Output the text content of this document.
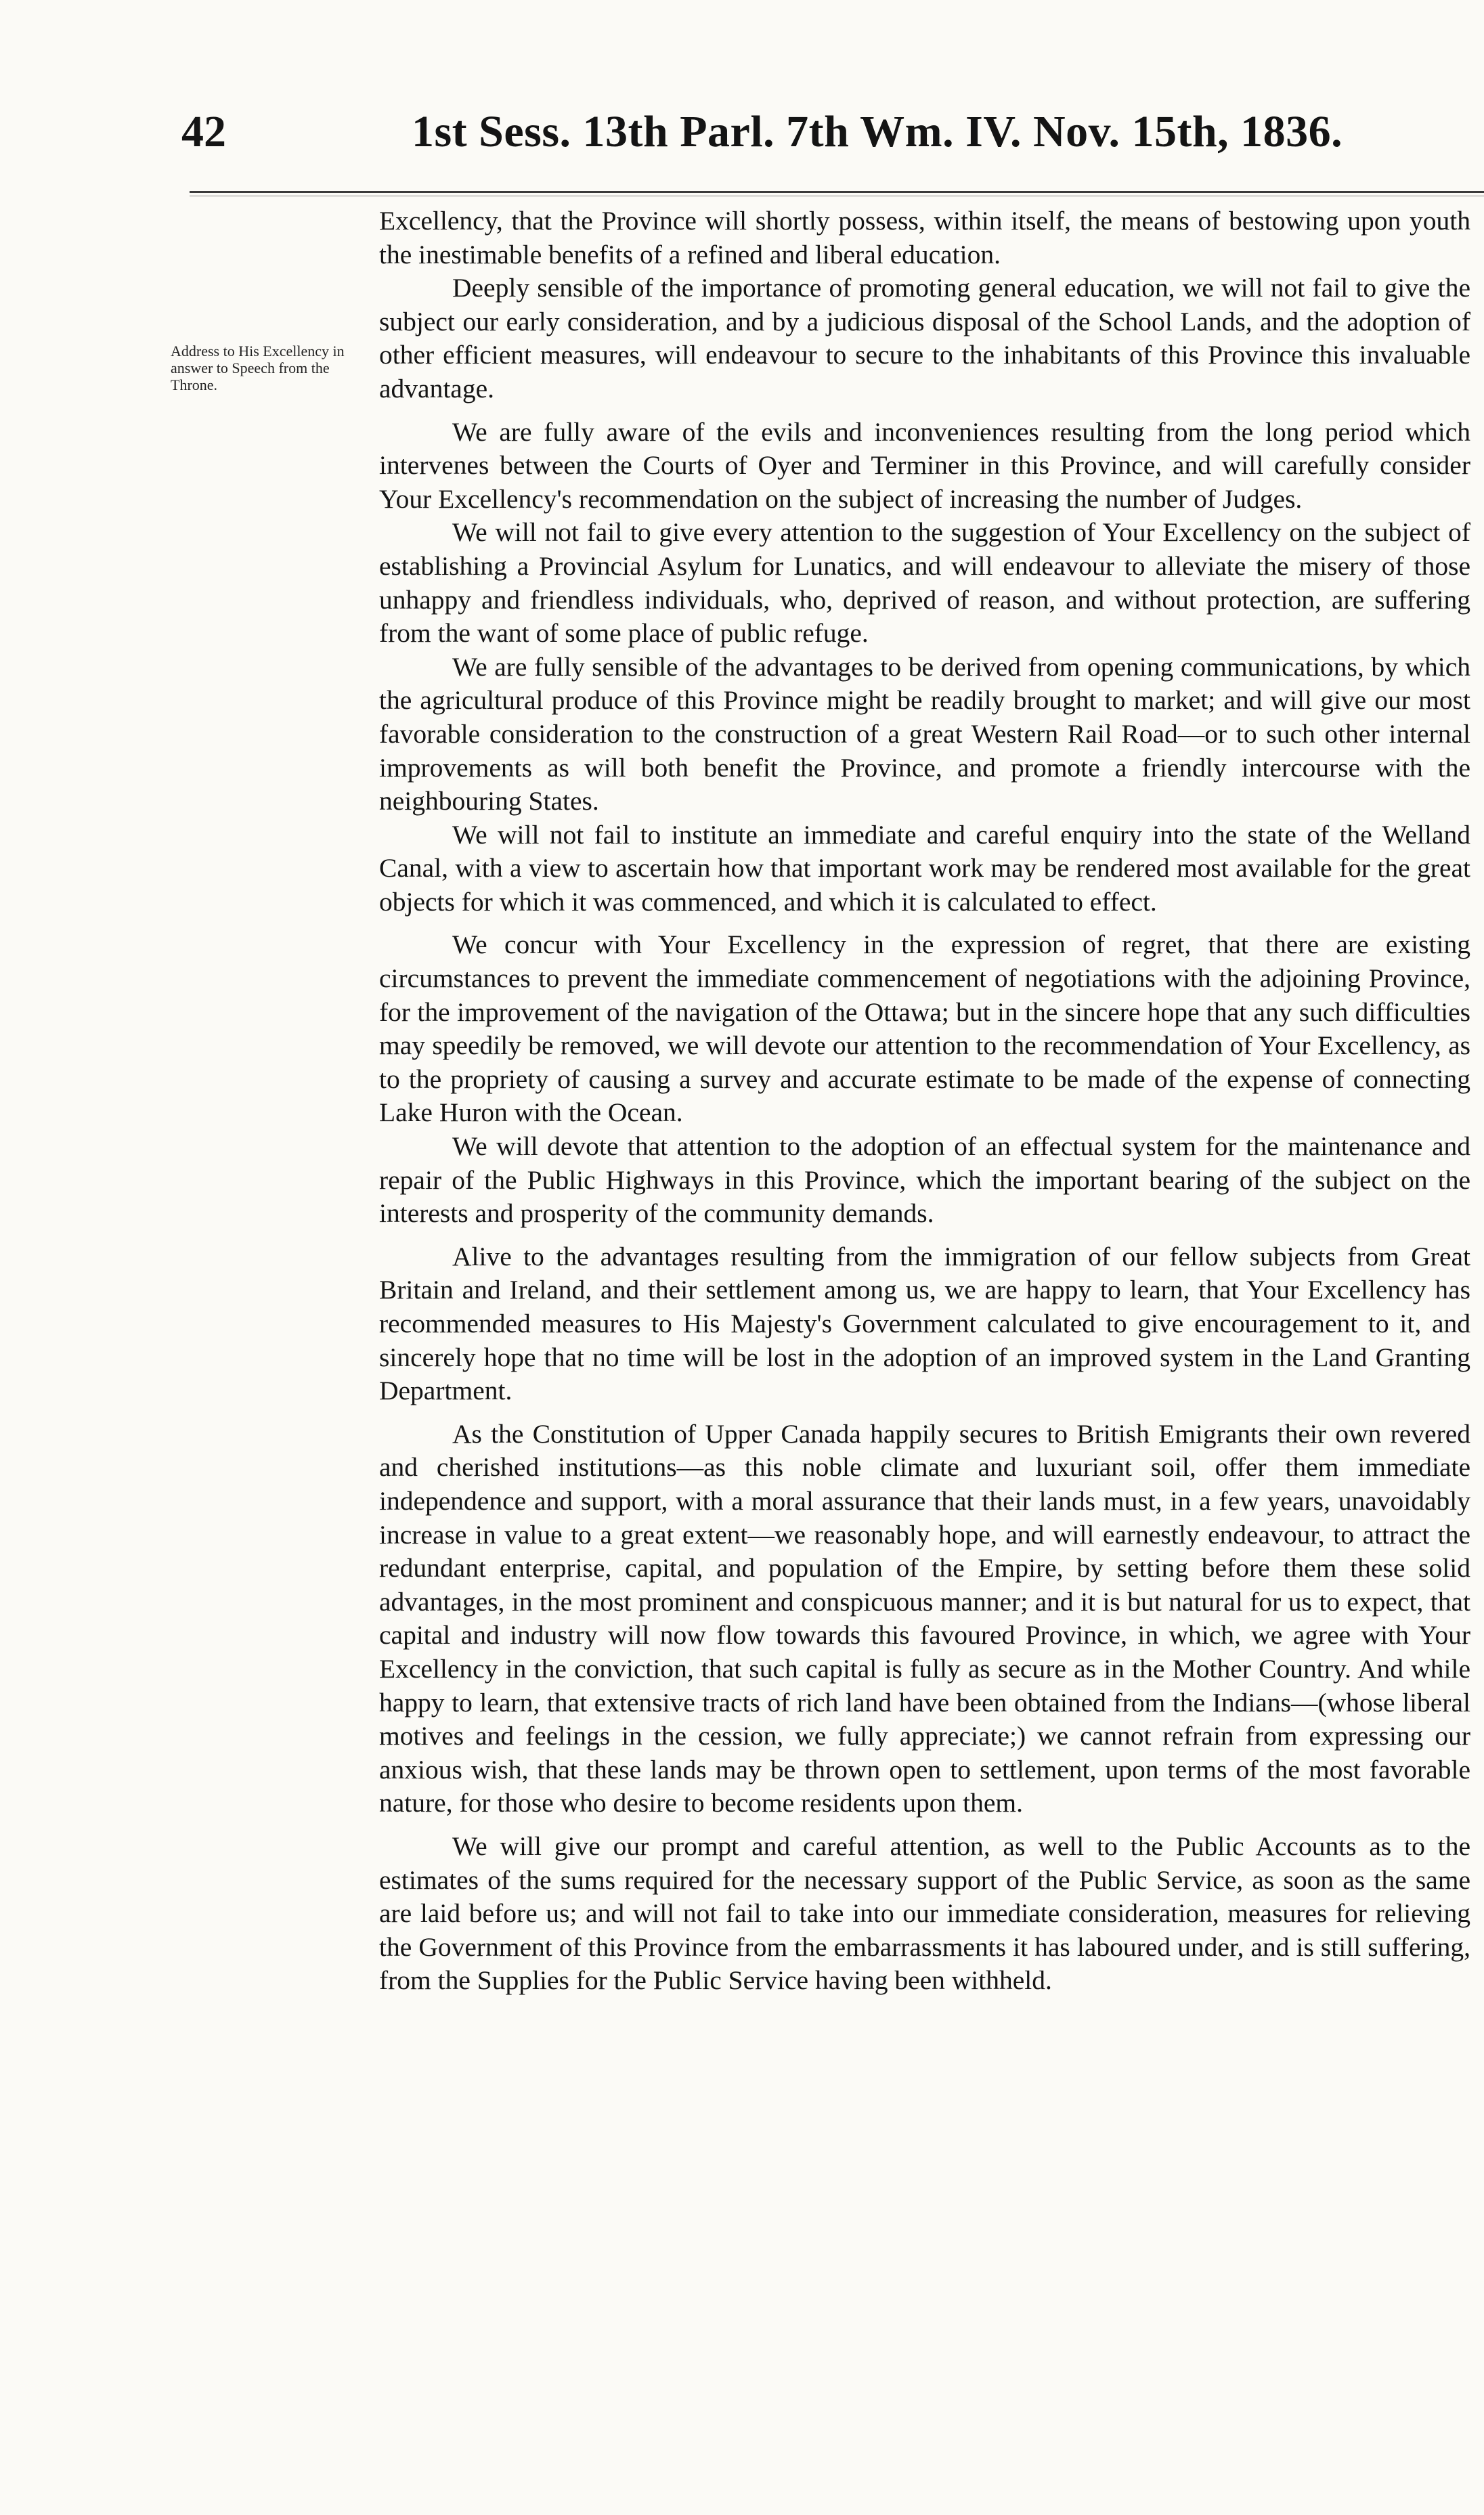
42	1st Sess. 13th Parl. 7th Wm. IV. Nov. 15th, 1836.
Address to His Excellency in answer to Speech from the Throne.

Excellency, that the Province will shortly possess, within itself, the means of bestowing upon youth the inestimable benefits of a refined and liberal education.

Deeply sensible of the importance of promoting general education, we will not fail to give the subject our early consideration, and by a judicious disposal of the School Lands, and the adoption of other efficient measures, will endeavour to secure to the inhabitants of this Province this invaluable advantage.

We are fully aware of the evils and inconveniences resulting from the long period which intervenes between the Courts of Oyer and Terminer in this Province, and will carefully consider Your Excellency's recommendation on the subject of increasing the number of Judges.

We will not fail to give every attention to the suggestion of Your Excellency on the subject of establishing a Provincial Asylum for Lunatics, and will endeavour to alleviate the misery of those unhappy and friendless individuals, who, deprived of reason, and without protection, are suffering from the want of some place of public refuge.

We are fully sensible of the advantages to be derived from opening communications, by which the agricultural produce of this Province might be readily brought to market; and will give our most favorable consideration to the construction of a great Western Rail Road—or to such other internal improvements as will both benefit the Province, and promote a friendly intercourse with the neighbouring States.

We will not fail to institute an immediate and careful enquiry into the state of the Welland Canal, with a view to ascertain how that important work may be rendered most available for the great objects for which it was commenced, and which it is calculated to effect.

We concur with Your Excellency in the expression of regret, that there are existing circumstances to prevent the immediate commencement of negotiations with the adjoining Province, for the improvement of the navigation of the Ottawa; but in the sincere hope that any such difficulties may speedily be removed, we will devote our attention to the recommendation of Your Excellency, as to the propriety of causing a survey and accurate estimate to be made of the expense of connecting Lake Huron with the Ocean.

We will devote that attention to the adoption of an effectual system for the maintenance and repair of the Public Highways in this Province, which the important bearing of the subject on the interests and prosperity of the community demands.

Alive to the advantages resulting from the immigration of our fellow subjects from Great Britain and Ireland, and their settlement among us, we are happy to learn, that Your Excellency has recommended measures to His Majesty's Government calculated to give encouragement to it, and sincerely hope that no time will be lost in the adoption of an improved system in the Land Granting Department.

As the Constitution of Upper Canada happily secures to British Emigrants their own revered and cherished institutions—as this noble climate and luxuriant soil, offer them immediate independence and support, with a moral assurance that their lands must, in a few years, unavoidably increase in value to a great extent—we reasonably hope, and will earnestly endeavour, to attract the redundant enterprise, capital, and population of the Empire, by setting before them these solid advantages, in the most prominent and conspicuous manner; and it is but natural for us to expect, that capital and industry will now flow towards this favoured Province, in which, we agree with Your Excellency in the conviction, that such capital is fully as secure as in the Mother Country. And while happy to learn, that extensive tracts of rich land have been obtained from the Indians—(whose liberal motives and feelings in the cession, we fully appreciate;) we cannot refrain from expressing our anxious wish, that these lands may be thrown open to settlement, upon terms of the most favorable nature, for those who desire to become residents upon them.

We will give our prompt and careful attention, as well to the Public Accounts as to the estimates of the sums required for the necessary support of the Public Service, as soon as the same are laid before us; and will not fail to take into our immediate consideration, measures for relieving the Government of this Province from the embarrassments it has laboured under, and is still suffering, from the Supplies for the Public Service having been withheld.
